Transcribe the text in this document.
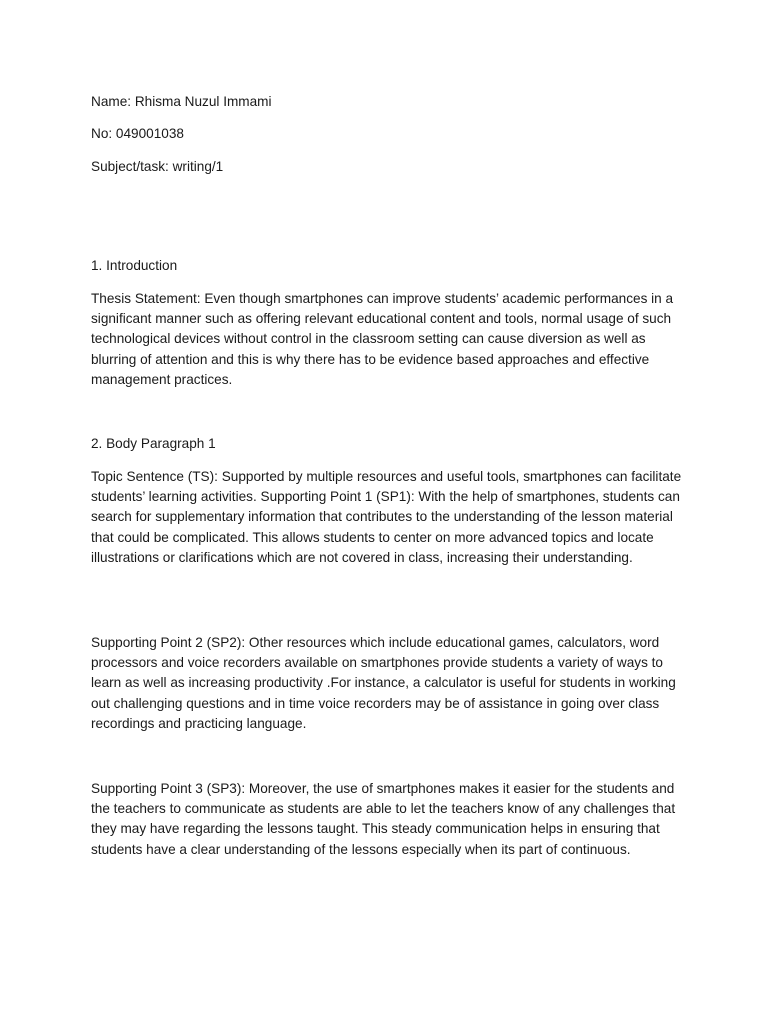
Name: Rhisma Nuzul Immami

No: 049001038

Subject/task: writing/1

1. Introduction

Thesis Statement: Even though smartphones can improve students’ academic performances in a significant manner such as offering relevant educational content and tools, normal usage of such technological devices without control in the classroom setting can cause diversion as well as blurring of attention and this is why there has to be evidence based approaches and effective management practices.

2. Body Paragraph 1

Topic Sentence (TS): Supported by multiple resources and useful tools, smartphones can facilitate students’ learning activities. Supporting Point 1 (SP1): With the help of smartphones, students can search for supplementary information that contributes to the understanding of the lesson material that could be complicated. This allows students to center on more advanced topics and locate illustrations or clarifications which are not covered in class, increasing their understanding.

Supporting Point 2 (SP2): Other resources which include educational games, calculators, word processors and voice recorders available on smartphones provide students a variety of ways to learn as well as increasing productivity .For instance, a calculator is useful for students in working out challenging questions and in time voice recorders may be of assistance in going over class recordings and practicing language.

Supporting Point 3 (SP3): Moreover, the use of smartphones makes it easier for the students and the teachers to communicate as students are able to let the teachers know of any challenges that they may have regarding the lessons taught. This steady communication helps in ensuring that students have a clear understanding of the lessons especially when its part of continuous.
